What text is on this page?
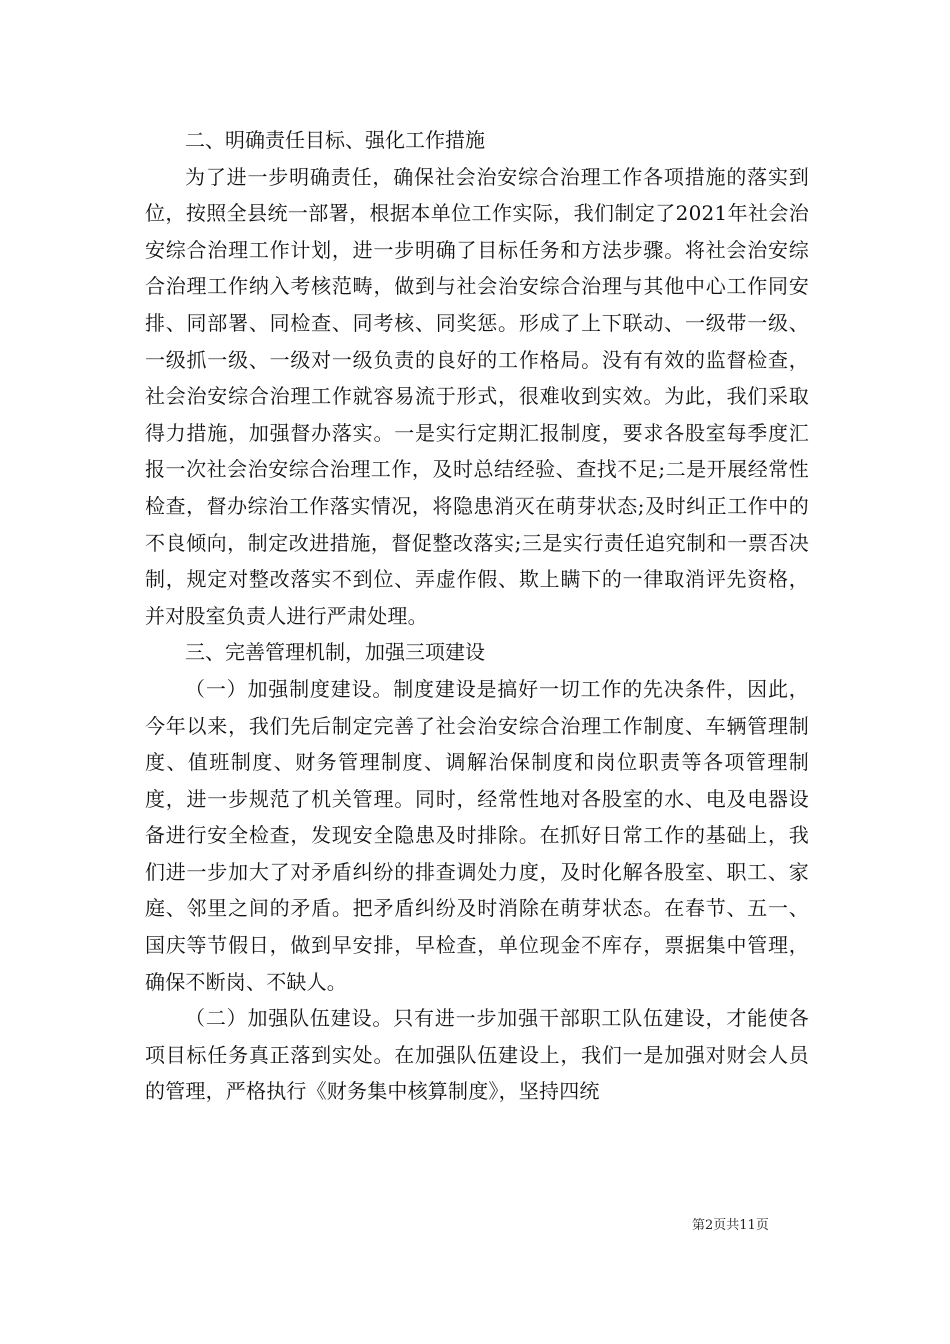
二、明确责任目标、强化工作措施

为了进一步明确责任，确保社会治安综合治理工作各项措施的落实到位，按照全县统一部署，根据本单位工作实际，我们制定了2021年社会治安综合治理工作计划，进一步明确了目标任务和方法步骤。将社会治安综合治理工作纳入考核范畴，做到与社会治安综合治理与其他中心工作同安排、同部署、同检查、同考核、同奖惩。形成了上下联动、一级带一级、一级抓一级、一级对一级负责的良好的工作格局。没有有效的监督检查，社会治安综合治理工作就容易流于形式，很难收到实效。为此，我们采取得力措施，加强督办落实。一是实行定期汇报制度，要求各股室每季度汇报一次社会治安综合治理工作，及时总结经验、查找不足;二是开展经常性检查，督办综治工作落实情况，将隐患消灭在萌芽状态;及时纠正工作中的不良倾向，制定改进措施，督促整改落实;三是实行责任追究制和一票否决制，规定对整改落实不到位、弄虚作假、欺上瞒下的一律取消评先资格，并对股室负责人进行严肃处理。

三、完善管理机制，加强三项建设

（一）加强制度建设。制度建设是搞好一切工作的先决条件，因此，今年以来，我们先后制定完善了社会治安综合治理工作制度、车辆管理制度、值班制度、财务管理制度、调解治保制度和岗位职责等各项管理制度，进一步规范了机关管理。同时，经常性地对各股室的水、电及电器设备进行安全检查，发现安全隐患及时排除。在抓好日常工作的基础上，我们进一步加大了对矛盾纠纷的排查调处力度，及时化解各股室、职工、家庭、邻里之间的矛盾。把矛盾纠纷及时消除在萌芽状态。在春节、五一、国庆等节假日，做到早安排，早检查，单位现金不库存，票据集中管理，确保不断岗、不缺人。

（二）加强队伍建设。只有进一步加强干部职工队伍建设，才能使各项目标任务真正落到实处。在加强队伍建设上，我们一是加强对财会人员的管理，严格执行《财务集中核算制度》，坚持四统

第2页共11页
